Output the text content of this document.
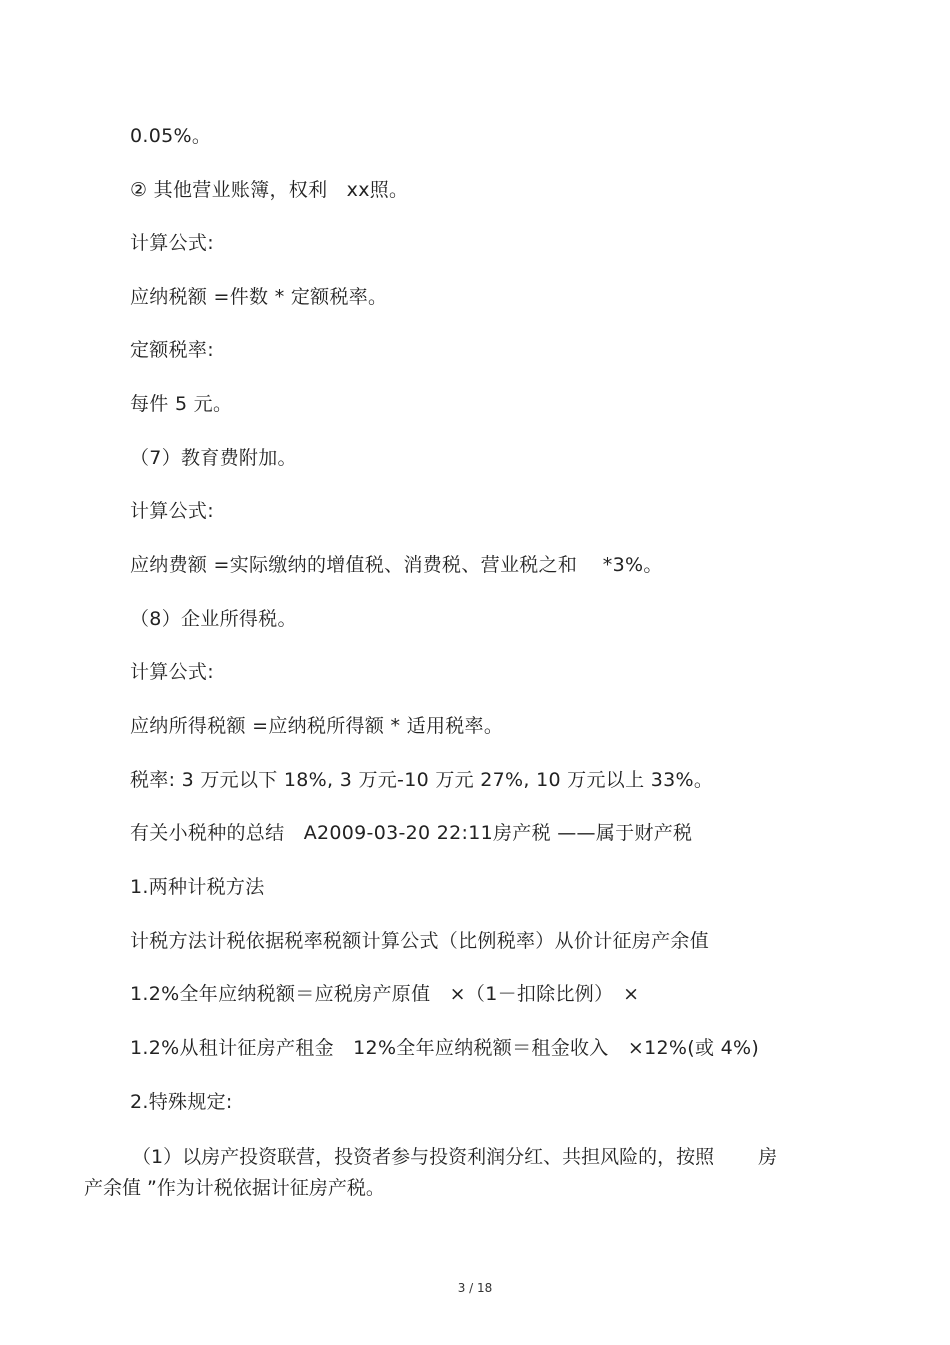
0.05%。
② 其他营业账簿，权利　xx照。
计算公式:
应纳税额 =件数 * 定额税率。
定额税率:
每件 5 元。
（7）教育费附加。
计算公式:
应纳费额 =实际缴纳的增值税、消费税、营业税之和　 *3%。
（8）企业所得税。
计算公式:
应纳所得税额 =应纳税所得额 * 适用税率。
税率: 3 万元以下 18%, 3 万元-10 万元 27%, 10 万元以上 33%。
有关小税种的总结　A2009-03-20 22:11房产税 ——属于财产税
1.两种计税方法
计税方法计税依据税率税额计算公式（比例税率）从价计征房产余值
1.2%全年应纳税额＝应税房产原值　×（1－扣除比例）　×
1.2%从租计征房产租金　12%全年应纳税额＝租金收入　×12%(或 4%)
2.特殊规定:
（1）以房产投资联营，投资者参与投资利润分红、共担风险的，按照　　 房
产余值 ”作为计税依据计征房产税。
3 / 18
